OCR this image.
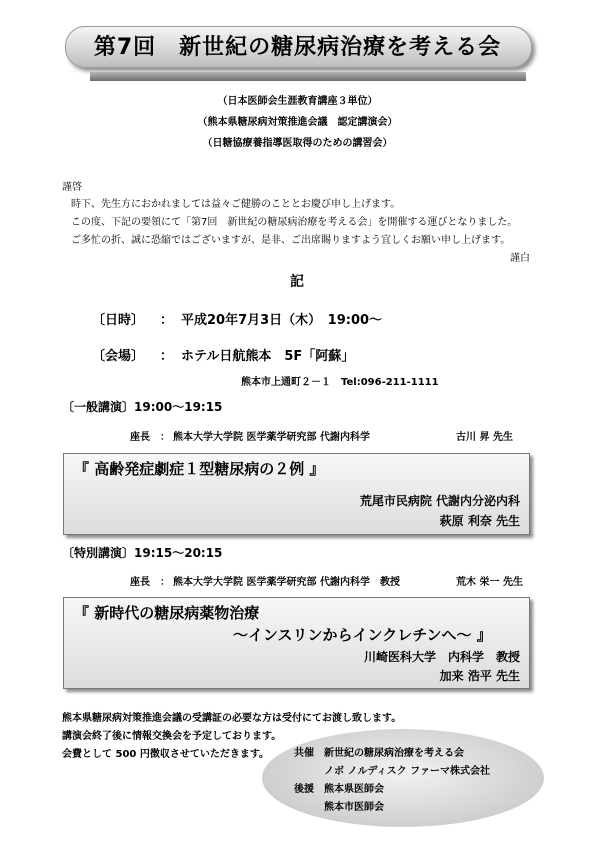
第7回　新世紀の糖尿病治療を考える会
（日本医師会生涯教育講座３単位）
（熊本県糖尿病対策推進会議　認定講演会）
（日糖協療養指導医取得のための講習会）
謹啓
時下、先生方におかれましては益々ご健勝のこととお慶び申し上げます。
この度、下記の要領にて「第7回　新世紀の糖尿病治療を考える会」を開催する運びとなりました。
ご多忙の折、誠に恐縮ではございますが、是非、ご出席賜りますよう宜しくお願い申し上げます。
謹白
記
〔日時〕 ： 平成20年7月3日（木）　19:00～
〔会場〕 ： ホテル日航熊本　5F「阿蘇」
熊本市上通町２－１　Tel:096-211-1111
〔一般講演〕19:00～19:15
座長 ： 熊本大学大学院 医学薬学研究部 代謝内科学	古川 昇 先生
『 高齢発症劇症１型糖尿病の２例 』
荒尾市民病院 代謝内分泌内科
萩原 利奈 先生
〔特別講演〕19:15～20:15
座長 ： 熊本大学大学院 医学薬学研究部 代謝内科学　教授	荒木 栄一 先生
『 新時代の糖尿病薬物治療
～インスリンからインクレチンへ～ 』
川崎医科大学　内科学　教授
加来 浩平 先生
熊本県糖尿病対策推進会議の受講証の必要な方は受付にてお渡し致します。
講演会終了後に情報交換会を予定しております。
会費として 500 円徴収させていただきます。 共催 新世紀の糖尿病治療を考える会
ノボ ノルディスク ファーマ株式会社
後援 熊本県医師会
熊本市医師会
